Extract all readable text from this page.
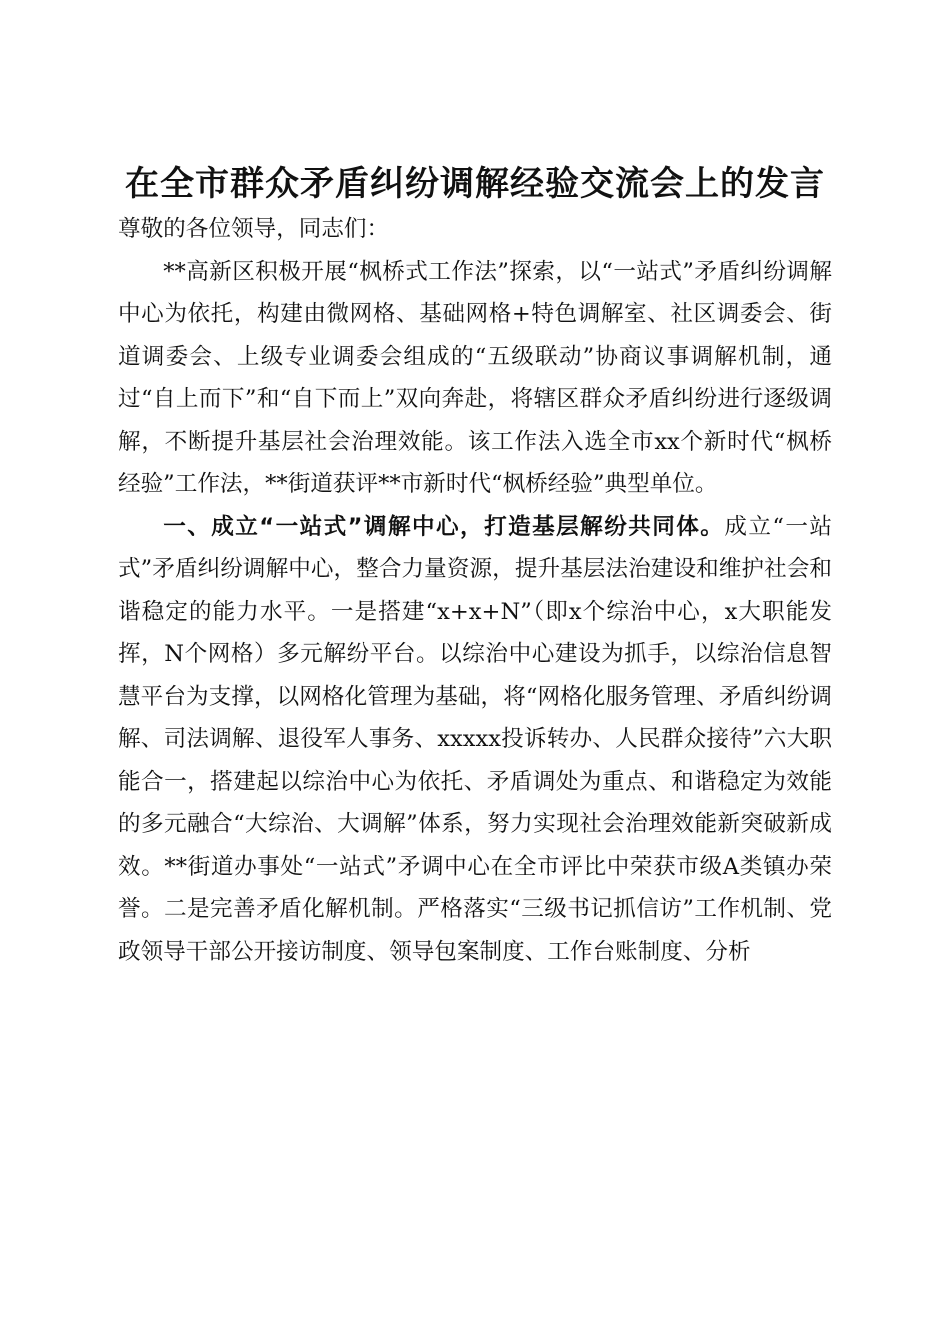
在全市群众矛盾纠纷调解经验交流会上的发言

尊敬的各位领导，同志们：

**高新区积极开展“枫桥式工作法”探索，以“一站式”矛盾纠纷调解中心为依托，构建由微网格、基础网格+特色调解室、社区调委会、街道调委会、上级专业调委会组成的“五级联动”协商议事调解机制，通过“自上而下”和“自下而上”双向奔赴，将辖区群众矛盾纠纷进行逐级调解，不断提升基层社会治理效能。该工作法入选全市xx个新时代“枫桥经验”工作法，**街道获评**市新时代“枫桥经验”典型单位。

一、成立“一站式”调解中心，打造基层解纷共同体。成立“一站式”矛盾纠纷调解中心，整合力量资源，提升基层法治建设和维护社会和谐稳定的能力水平。一是搭建“x+x+N”（即x个综治中心，x大职能发挥，N个网格）多元解纷平台。以综治中心建设为抓手，以综治信息智慧平台为支撑，以网格化管理为基础，将“网格化服务管理、矛盾纠纷调解、司法调解、退役军人事务、xxxxx投诉转办、人民群众接待”六大职能合一，搭建起以综治中心为依托、矛盾调处为重点、和谐稳定为效能的多元融合“大综治、大调解”体系，努力实现社会治理效能新突破新成效。**街道办事处“一站式”矛调中心在全市评比中荣获市级A类镇办荣誉。二是完善矛盾化解机制。严格落实“三级书记抓信访”工作机制、党政领导干部公开接访制度、领导包案制度、工作台账制度、分析
